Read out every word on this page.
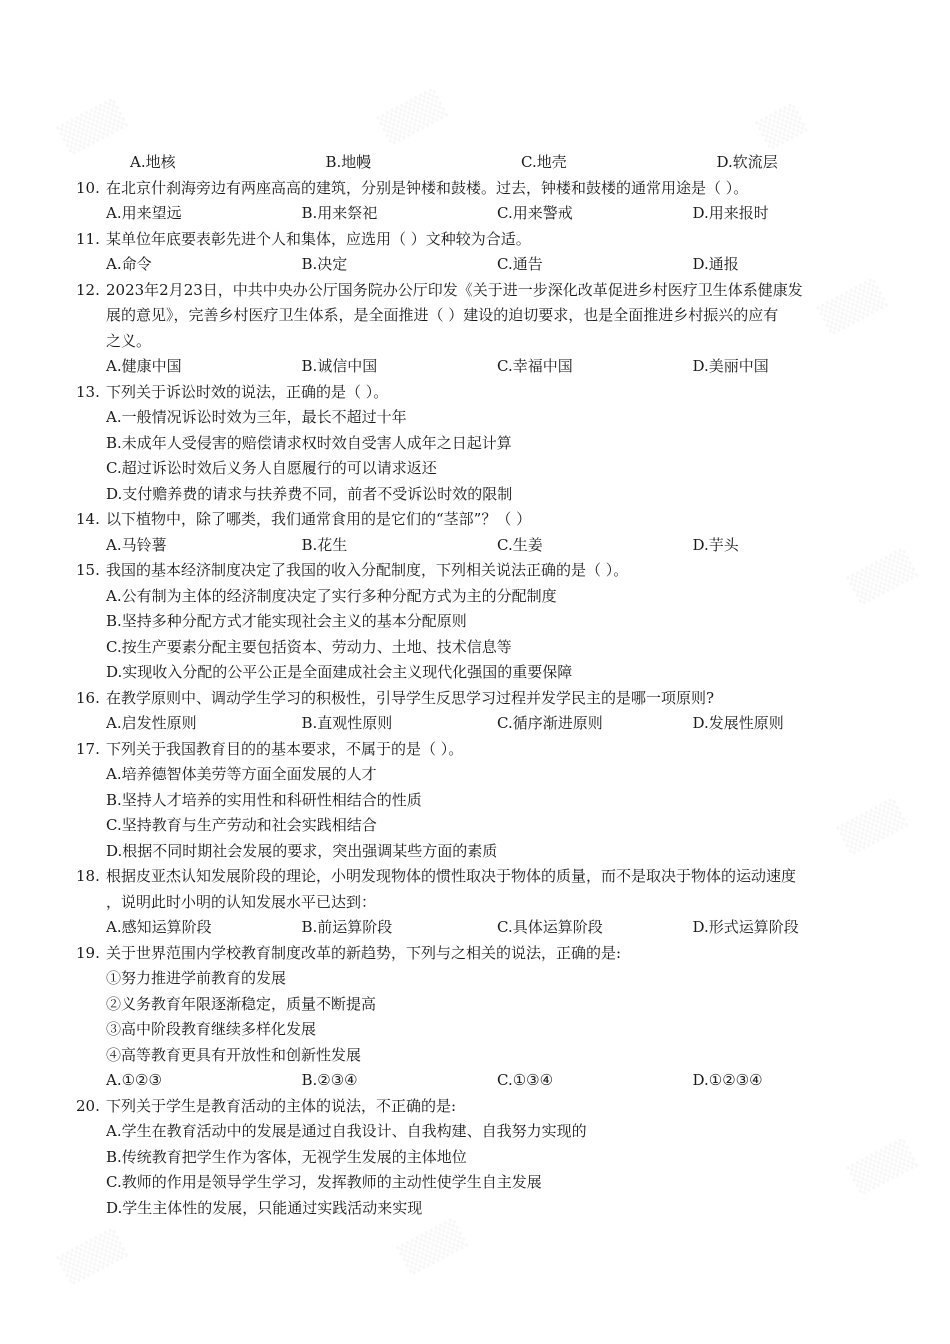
▒▒▒	▒▒▒	▒▒
▒▒▒
▒▒▒
▒▒▒
▒▒▒
▒▒▒	▒▒▒
A.地核	B.地幔	C.地壳	D.软流层
10. 在北京什刹海旁边有两座高高的建筑，分别是钟楼和鼓楼。过去，钟楼和鼓楼的通常用途是（ ）。
A.用来望远	B.用来祭祀	C.用来警戒	D.用来报时
11. 某单位年底要表彰先进个人和集体，应选用（ ）文种较为合适。
A.命令	B.决定	C.通告	D.通报
12. 2023年2月23日，中共中央办公厅国务院办公厅印发《关于进一步深化改革促进乡村医疗卫生体系健康发
展的意见》，完善乡村医疗卫生体系，是全面推进（ ）建设的迫切要求，也是全面推进乡村振兴的应有
之义。
A.健康中国	B.诚信中国	C.幸福中国	D.美丽中国
13. 下列关于诉讼时效的说法，正确的是（ ）。
A.一般情况诉讼时效为三年，最长不超过十年
B.未成年人受侵害的赔偿请求权时效自受害人成年之日起计算
C.超过诉讼时效后义务人自愿履行的可以请求返还
D.支付赡养费的请求与扶养费不同，前者不受诉讼时效的限制
14. 以下植物中，除了哪类，我们通常食用的是它们的“茎部”？（ ）
A.马铃薯	B.花生	C.生姜	D.芋头
15. 我国的基本经济制度决定了我国的收入分配制度，下列相关说法正确的是（ ）。
A.公有制为主体的经济制度决定了实行多种分配方式为主的分配制度
B.坚持多种分配方式才能实现社会主义的基本分配原则
C.按生产要素分配主要包括资本、劳动力、土地、技术信息等
D.实现收入分配的公平公正是全面建成社会主义现代化强国的重要保障
16. 在教学原则中、调动学生学习的积极性，引导学生反思学习过程并发学民主的是哪一项原则?
A.启发性原则	B.直观性原则	C.循序渐进原则	D.发展性原则
17. 下列关于我国教育目的的基本要求，不属于的是（ ）。
A.培养德智体美劳等方面全面发展的人才
B.坚持人才培养的实用性和科研性相结合的性质
C.坚持教育与生产劳动和社会实践相结合
D.根据不同时期社会发展的要求，突出强调某些方面的素质
18. 根据皮亚杰认知发展阶段的理论，小明发现物体的惯性取决于物体的质量，而不是取决于物体的运动速度
，说明此时小明的认知发展水平已达到：
A.感知运算阶段	B.前运算阶段	C.具体运算阶段	D.形式运算阶段
19. 关于世界范围内学校教育制度改革的新趋势，下列与之相关的说法，正确的是:
①努力推进学前教育的发展
②义务教育年限逐渐稳定，质量不断提高
③高中阶段教育继续多样化发展
④高等教育更具有开放性和创新性发展
A.①②③	B.②③④	C.①③④	D.①②③④
20. 下列关于学生是教育活动的主体的说法，不正确的是:
A.学生在教育活动中的发展是通过自我设计、自我构建、自我努力实现的
B.传统教育把学生作为客体，无视学生发展的主体地位
C.教师的作用是领导学生学习，发挥教师的主动性使学生自主发展
D.学生主体性的发展，只能通过实践活动来实现
